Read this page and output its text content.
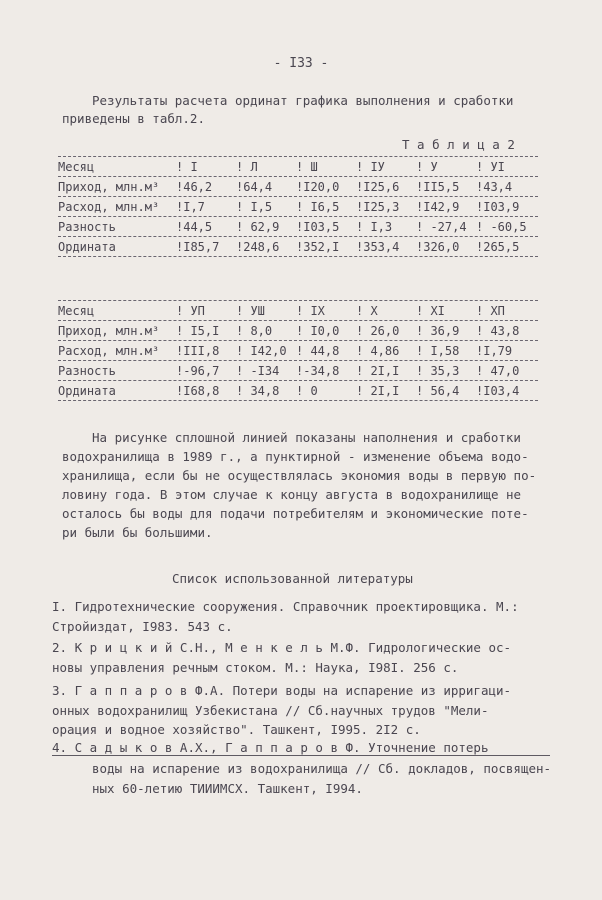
- I33 -
Результаты расчета ординат графика выполнения и сработки
приведены в табл.2.
Т а б л и ц а 2
Месяц	! I	! Л	! Ш	! IУ	! У	! УI
Приход, млн.м³	!46,2	!64,4	!I20,0	!I25,6	!II5,5	!43,4
Расход, млн.м³	!I,7	! I,5	! I6,5	!I25,3	!I42,9	!I03,9
Разность	!44,5	! 62,9	!I03,5	! I,3	! -27,4 ! -60,5
Ордината	!I85,7	!248,6	!352,I	!353,4	!326,0	!265,5
Месяц	! УП	! УШ	! IX	! X	! XI	! XП
Приход, млн.м³	! I5,I	! 8,0	! I0,0	! 26,0	! 36,9	! 43,8
Расход, млн.м³	!III,8	! I42,0 ! 44,8	! 4,86	! I,58	!I,79
Разность	!-96,7	! -I34	!-34,8	! 2I,I	! 35,3	! 47,0
Ордината	!I68,8	! 34,8	! 0	! 2I,I	! 56,4	!I03,4
На рисунке сплошной линией показаны наполнения и сработки
водохранилища в 1989 г., а пунктирной - изменение объема водо-
хранилища, если бы не осуществлялась экономия воды в первую по-
ловину года. В этом случае к концу августа в водохранилище не
осталось бы воды для подачи потребителям и экономические поте-
ри были бы большими.
Список использованной литературы
I. Гидротехнические сооружения. Справочник проектировщика. М.:
Стройиздат, I983. 543 с.
2. К р и ц к и й С.Н., М е н к е л ь М.Ф. Гидрологические ос-
новы управления речным стоком. М.: Наука, I98I. 256 с.
3. Г а п п а р о в Ф.А. Потери воды на испарение из ирригаци-
онных водохранилищ Узбекистана // Сб.научных трудов "Мели-
орация и водное хозяйство". Ташкент, I995. 2I2 с.
4. С а д ы к о в А.Х., Г а п п а р о в Ф. Уточнение потерь
воды на испарение из водохранилища // Сб. докладов, посвящен-
ных 60-летию ТИИИМСХ. Ташкент, I994.
